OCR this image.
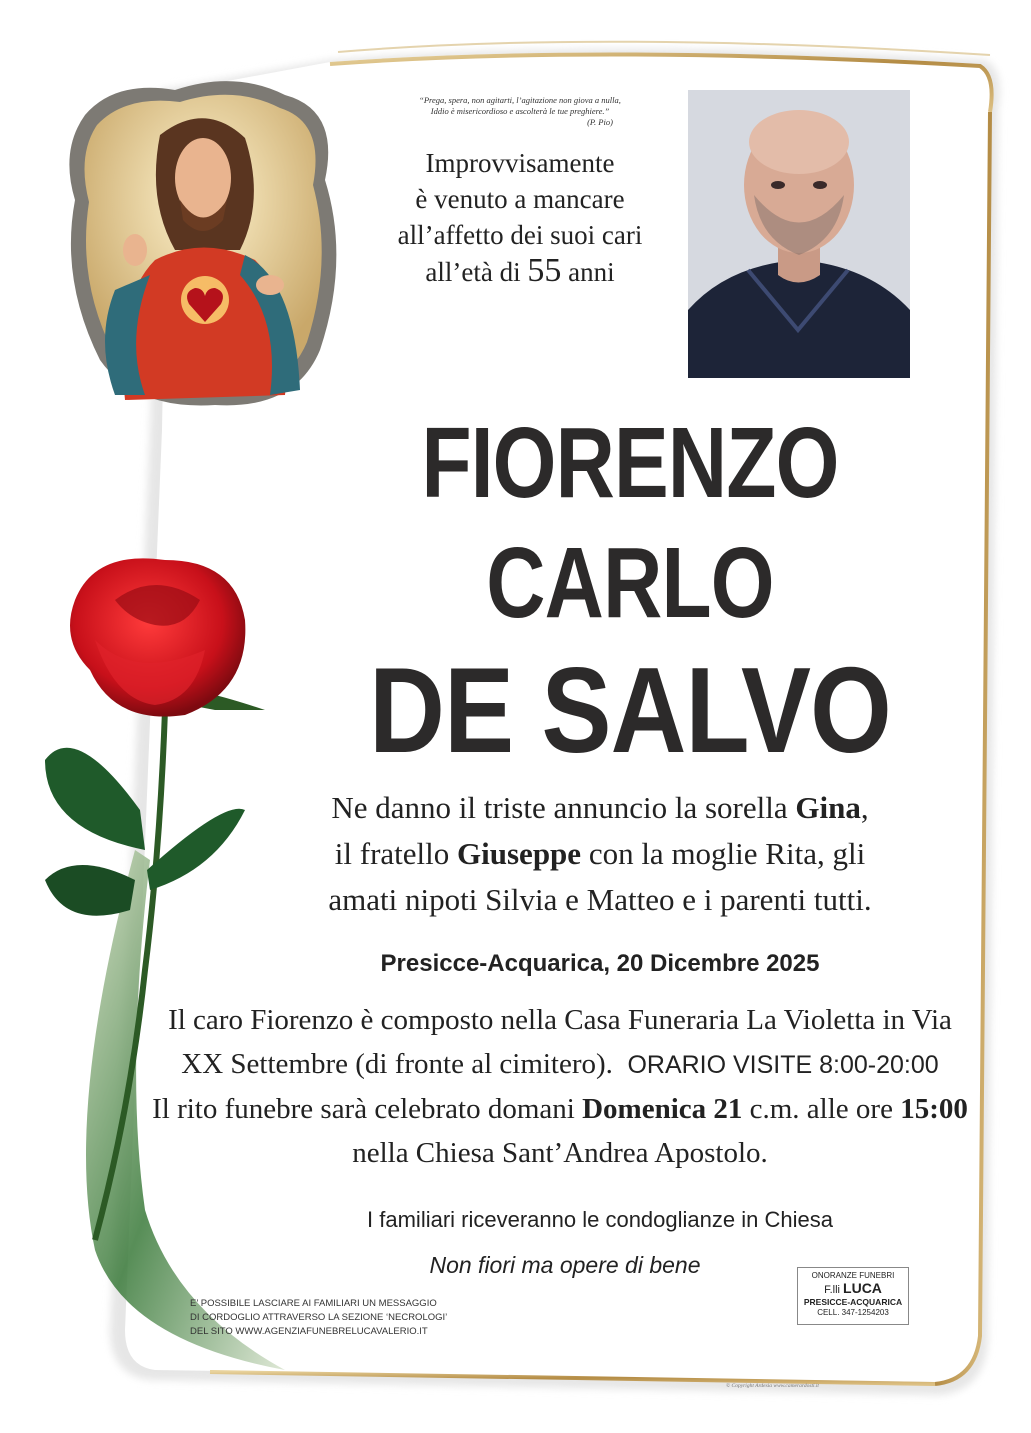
“Prega, spera, non agitarti, l’agitazione non giova a nulla,
Iddio è misericordioso e ascolterà le tue preghiere.”

(P. Pio)
Improvvisamente
è venuto a mancare
all’affetto dei suoi cari
all’età di 55 anni
FIORENZO
CARLO
DE SALVO
Ne danno il triste annuncio la sorella Gina,
il fratello Giuseppe con la moglie Rita, gli
amati nipoti Silvia e Matteo e i parenti tutti.
Presicce-Acquarica, 20 Dicembre 2025
Il caro Fiorenzo è composto nella Casa Funeraria La Violetta in Via
XX Settembre (di fronte al cimitero). ORARIO VISITE 8:00-20:00
Il rito funebre sarà celebrato domani Domenica 21 c.m. alle ore 15:00
nella Chiesa Sant’Andrea Apostolo.
I familiari riceveranno le condoglianze in Chiesa
Non fiori ma opere di bene
E’ POSSIBILE LASCIARE AI FAMILIARI UN MESSAGGIO
DI CORDOGLIO ATTRAVERSO LA SEZIONE ‘NECROLOGI’
DEL SITO WWW.AGENZIAFUNEBRELUCAVALERIO.IT
ONORANZE FUNEBRI
F.lli LUCA
PRESICCE-ACQUARICA
CELL. 347-1254203
© Copyright Ardesia www.camerardosti.it
